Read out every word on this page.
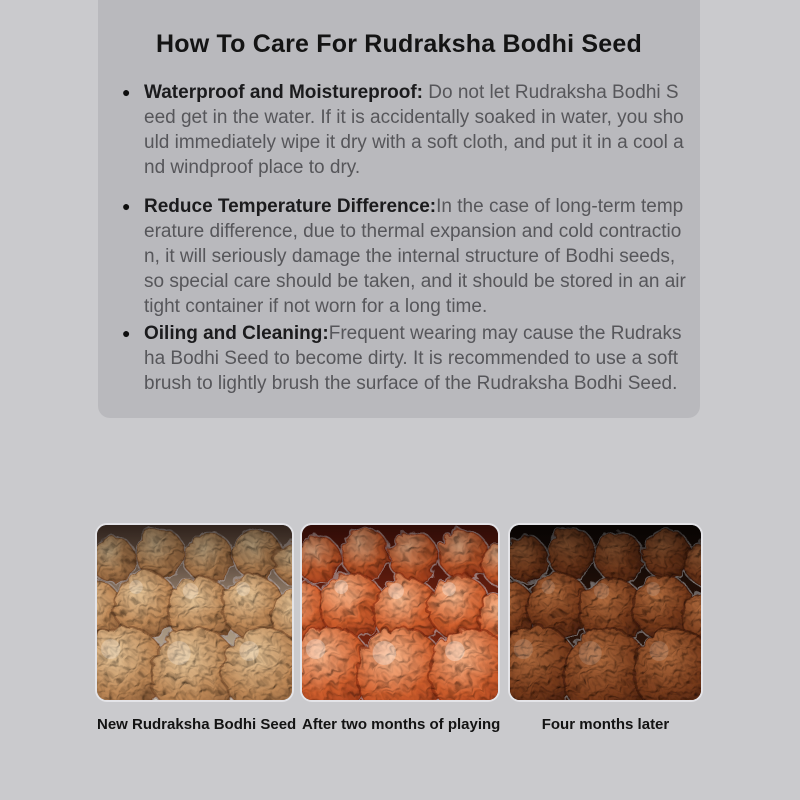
How To Care For Rudraksha Bodhi Seed
● Waterproof and Moistureproof: Do not let Rudraksha Bodhi Seed get in the water. If it is accidentally soaked in water, you should immediately wipe it dry with a soft cloth, and put it in a cool and windproof place to dry.
● Reduce Temperature Difference:In the case of long-term temperature difference, due to thermal expansion and cold contraction, it will seriously damage the internal structure of Bodhi seeds, so special care should be taken, and it should be stored in an airtight container if not worn for a long time.
● Oiling and Cleaning:Frequent wearing may cause the Rudraksha Bodhi Seed to become dirty. It is recommended to use a soft brush to lightly brush the surface of the Rudraksha Bodhi Seed.
New Rudraksha Bodhi Seed After two months of playing	Four months later
